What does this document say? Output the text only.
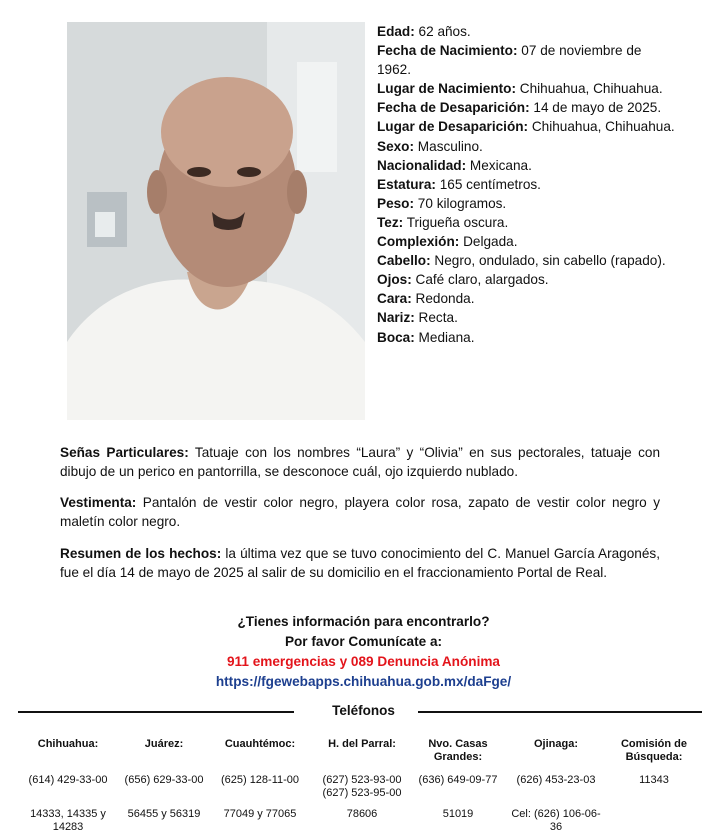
Edad: 62 años.
Fecha de Nacimiento: 07 de noviembre de 1962.
Lugar de Nacimiento: Chihuahua, Chihuahua.
Fecha de Desaparición: 14 de mayo de 2025.
Lugar de Desaparición: Chihuahua, Chihuahua.
Sexo: Masculino.
Nacionalidad: Mexicana.
Estatura: 165 centímetros.
Peso: 70 kilogramos.
Tez: Trigueña oscura.
Complexión: Delgada.
Cabello: Negro, ondulado, sin cabello (rapado).
Ojos: Café claro, alargados.
Cara: Redonda.
Nariz: Recta.
Boca: Mediana.
Señas Particulares: Tatuaje con los nombres “Laura” y “Olivia” en sus pectorales, tatuaje con dibujo de un perico en pantorrilla, se desconoce cuál, ojo izquierdo nublado.
Vestimenta: Pantalón de vestir color negro, playera color rosa, zapato de vestir color negro y maletín color negro.
Resumen de los hechos: la última vez que se tuvo conocimiento del C. Manuel García Aragonés, fue el día 14 de mayo de 2025 al salir de su domicilio en el fraccionamiento Portal de Real.
¿Tienes información para encontrarlo?
Por favor Comunícate a:
911 emergencias y 089 Denuncia Anónima
https://fgewebapps.chihuahua.gob.mx/daFge/
Teléfonos
Chihuahua:
(614) 429-33-00
14333, 14335 y 14283
Juárez:
(656) 629-33-00
56455 y 56319
Cuauhtémoc:
(625) 128-11-00
77049 y 77065
H. del Parral:
(627) 523-93-00 (627) 523-95-00
78606
Nvo. Casas Grandes:
(636) 649-09-77
51019
Ojinaga:
(626) 453-23-03
Cel: (626) 106-06-36
Comisión de Búsqueda:
11343
